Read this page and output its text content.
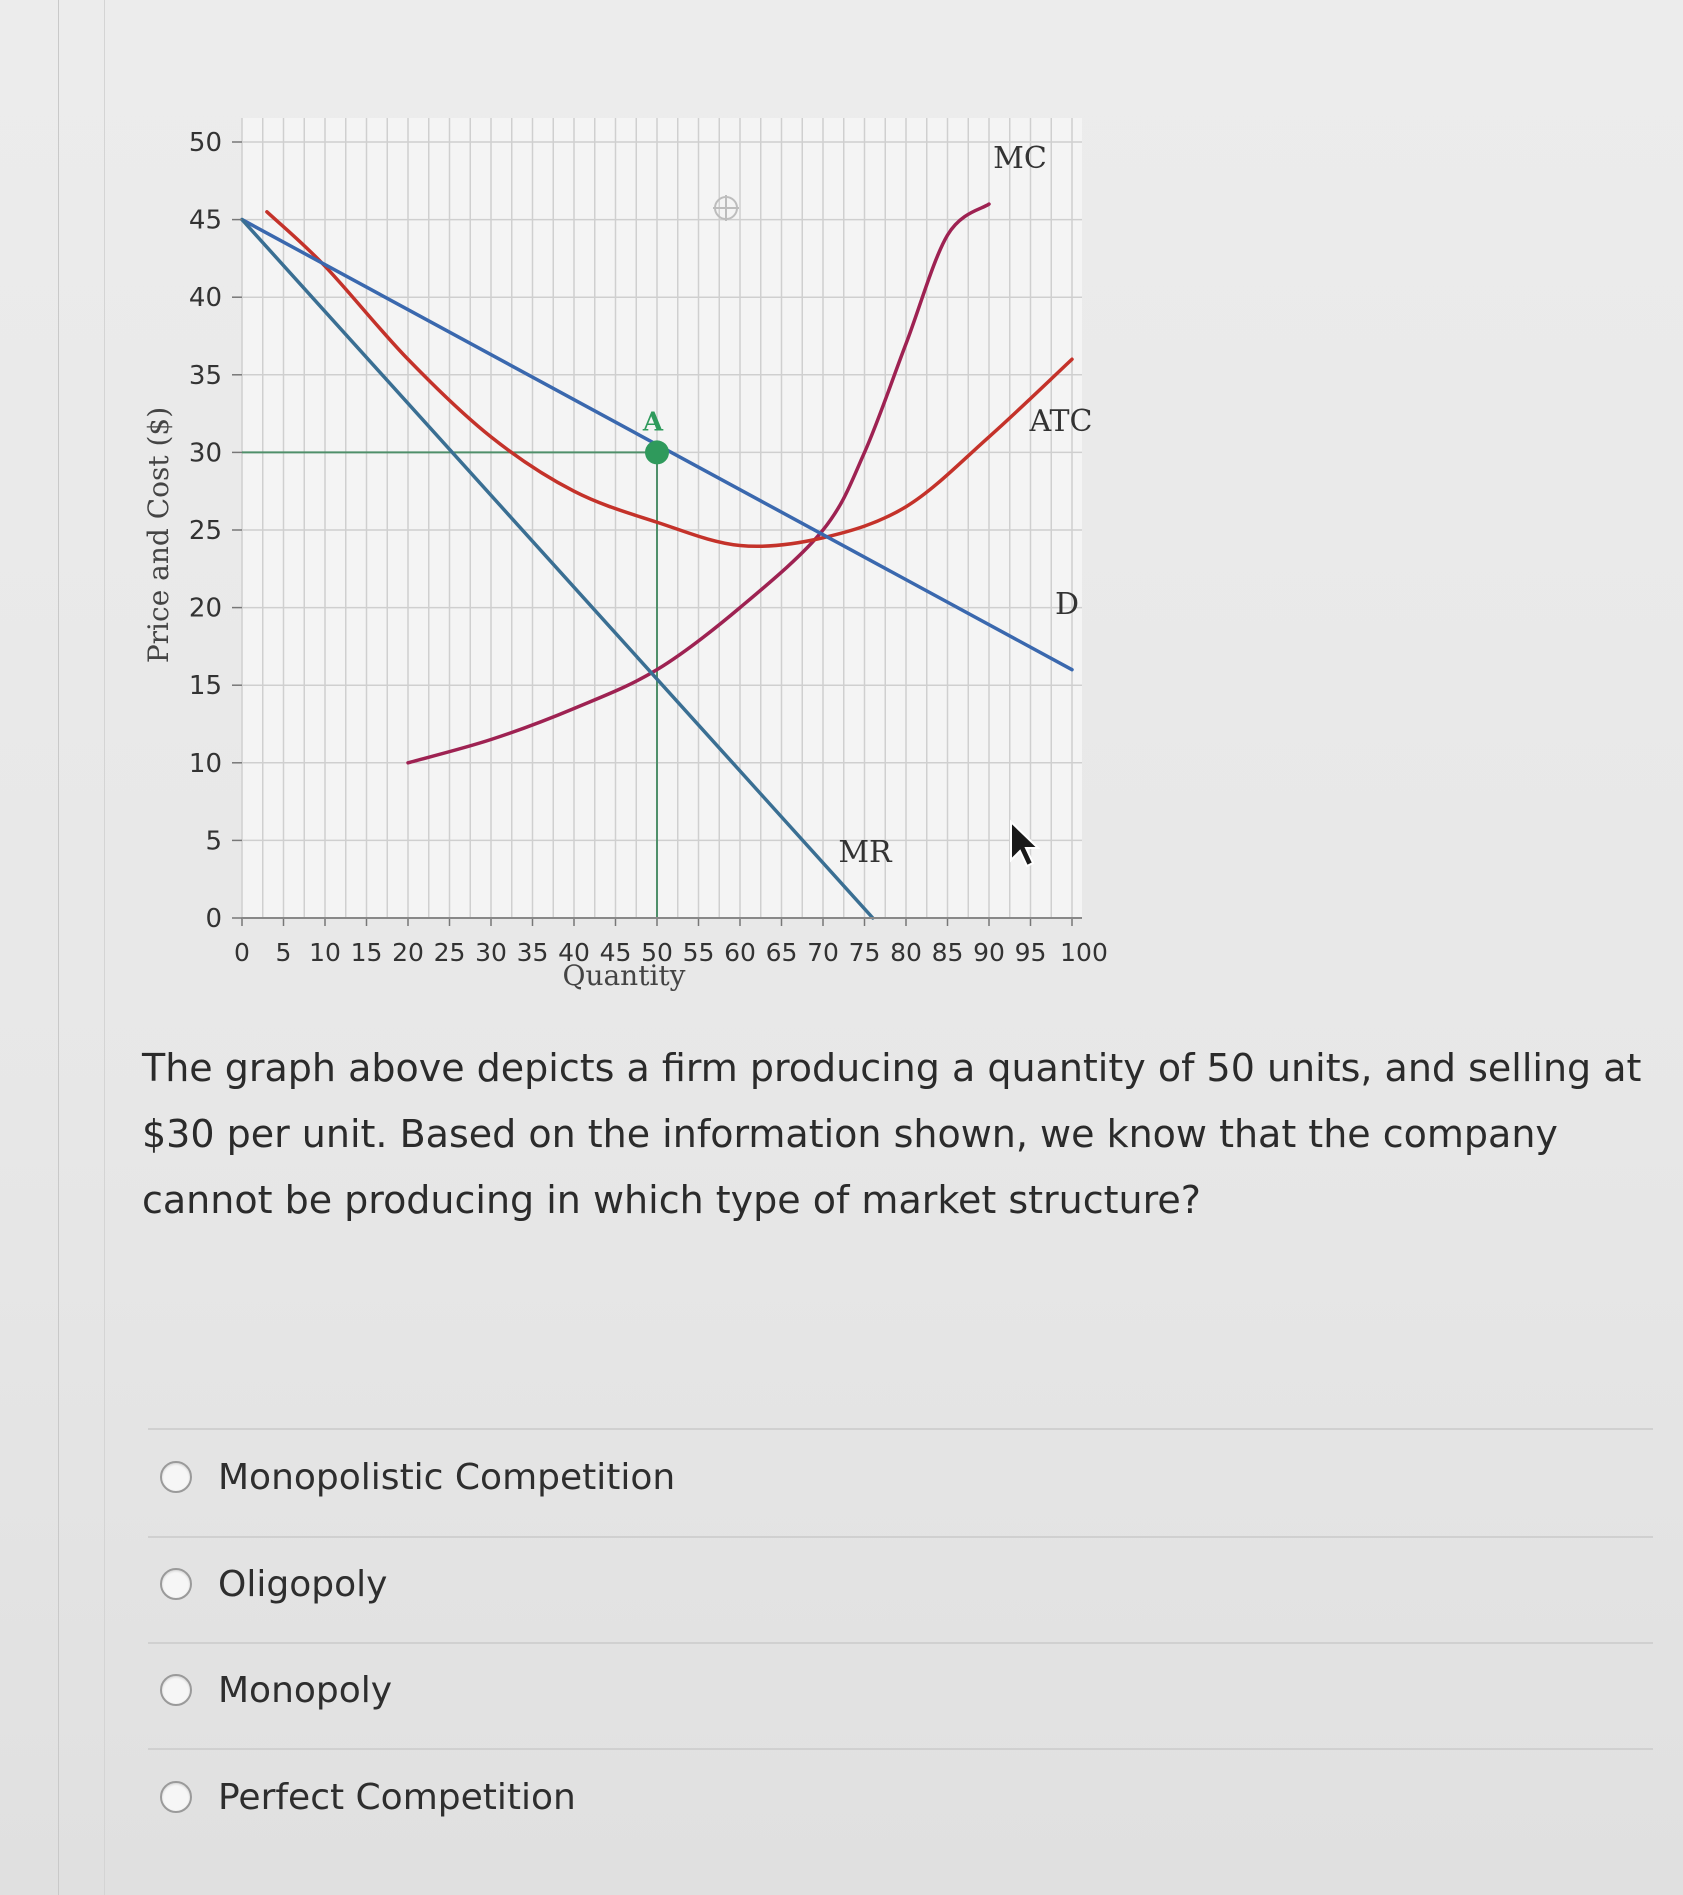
0
5
10
15
20
25
30
35
40
45
50
0 5 10 15 20 25 30 35 40 45 50 55 60 65 70 75 80 85 90 95 100
MC
ATC
D
MR
A
Price and Cost ($)
Quantity
The graph above depicts a firm producing a quantity of 50 units, and selling at $30 per unit. Based on the information shown, we know that the company cannot be producing in which type of market structure?
Monopolistic Competition
Oligopoly
Monopoly
Perfect Competition
